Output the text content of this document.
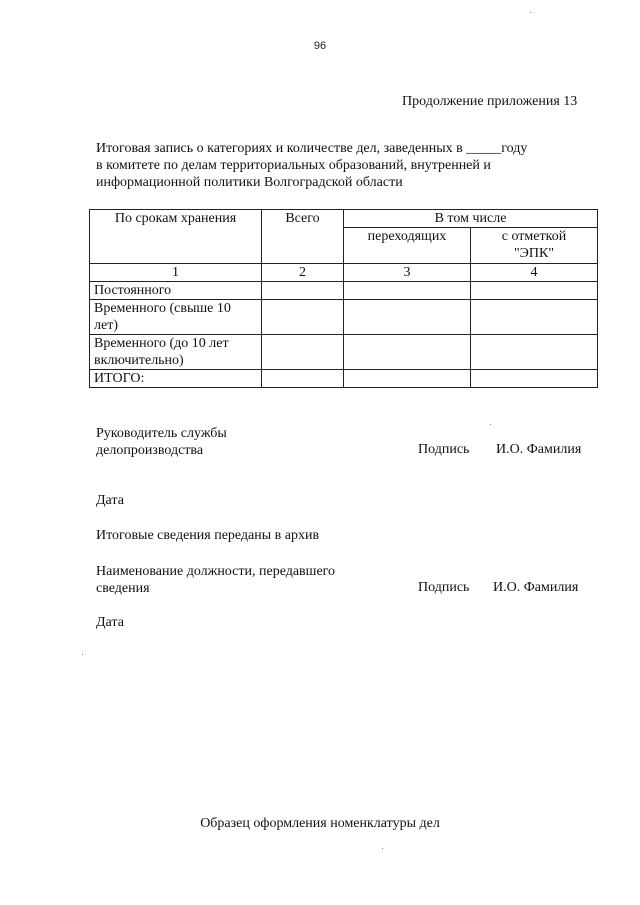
96
Продолжение приложения 13
Итоговая запись о категориях и количестве дел, заведенных в _____году
в комитете по делам территориальных образований, внутренней и
информационной политики Волгоградской области
По срокам хранения	Всего	В том числе	
		переходящих	с отметкой
"ЭПК"

1	2	3	4
Постоянного			

Временного (свыше 10
лет)			

Временного (до 10 лет
включительно)			

ИТОГО:			
Руководитель службы
делопроизводства	Подпись И.О. Фамилия
Дата
Итоговые сведения переданы в архив
Наименование должности, передавшего
сведения	Подпись И.О. Фамилия
Дата
Образец оформления номенклатуры дел
